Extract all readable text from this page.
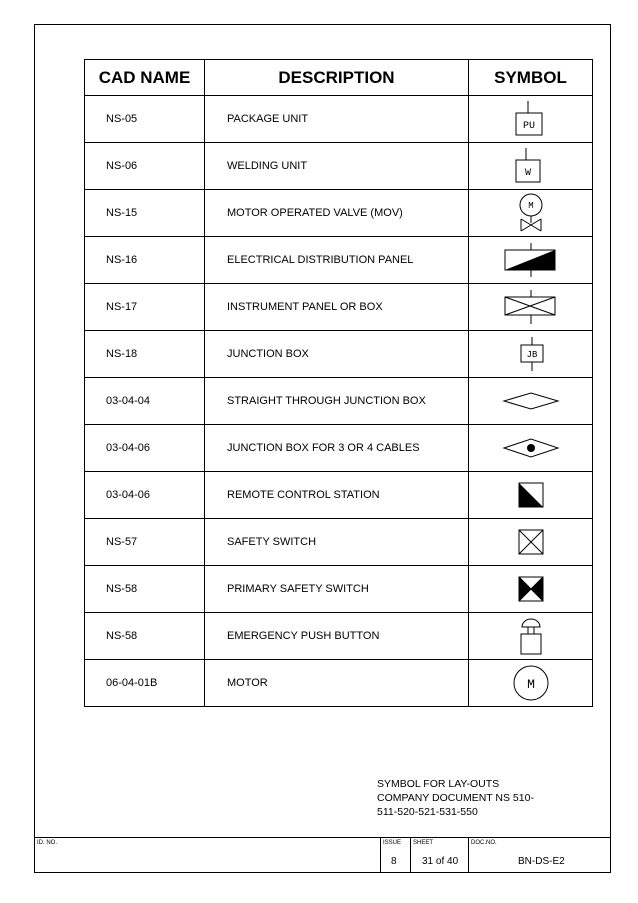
CAD NAME	DESCRIPTION	SYMBOL
NS-05	PACKAGE UNIT	PU

NS-06	WELDING UNIT	W

NS-15	MOTOR OPERATED VALVE (MOV)	M

NS-16	ELECTRICAL DISTRIBUTION PANEL	

NS-17	INSTRUMENT PANEL OR BOX	

NS-18	JUNCTION BOX	JB

03-04-04	STRAIGHT THROUGH JUNCTION BOX	

03-04-06	JUNCTION BOX FOR 3 OR 4 CABLES	

03-04-06	REMOTE CONTROL STATION	

NS-57	SAFETY SWITCH	

NS-58	PRIMARY SAFETY SWITCH	

NS-58	EMERGENCY PUSH BUTTON	

06-04-01B	MOTOR	M
SYMBOL FOR LAY-OUTS
COMPANY DOCUMENT NS 510-
511-520-521-531-550
ID. NO.	ISSUE SHEET	DOC.NO.
8	31 of 40	BN-DS-E2
